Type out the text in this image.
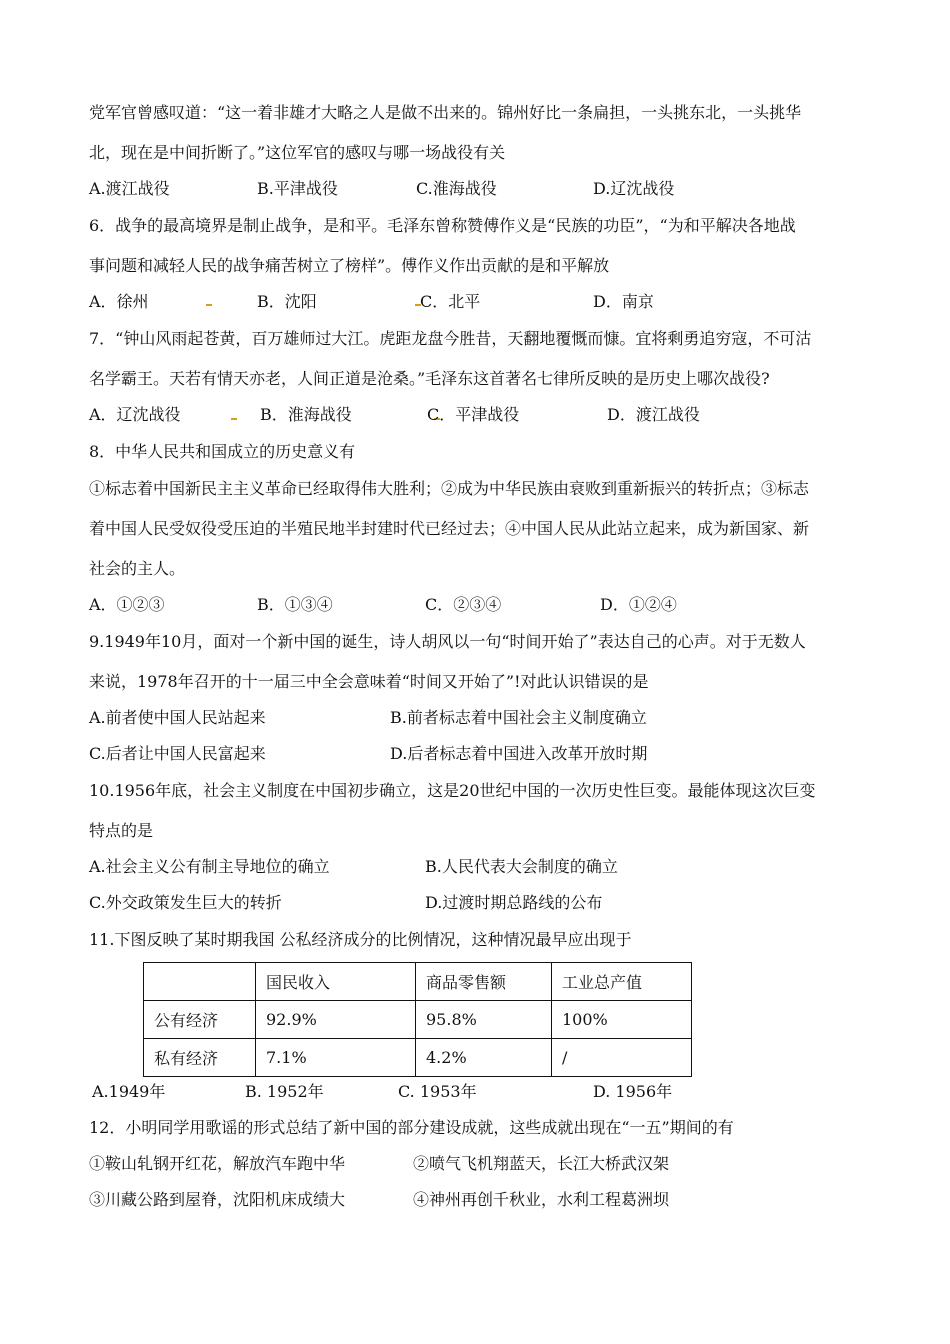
党军官曾感叹道：“这一着非雄才大略之人是做不出来的。锦州好比一条扁担，一头挑东北，一头挑华
北，现在是中间折断了。”这位军官的感叹与哪一场战役有关
A.渡江战役	B.平津战役	C.淮海战役	D.辽沈战役
6．战争的最高境界是制止战争，是和平。毛泽东曾称赞傅作义是“民族的功臣”，“为和平解决各地战
事问题和减轻人民的战争痛苦树立了榜样”。傅作义作出贡献的是和平解放
A．徐州	B．沈阳	C．北平	D．南京
7．“钟山风雨起苍黄，百万雄师过大江。虎距龙盘今胜昔，天翻地覆慨而慷。宜将剩勇追穷寇，不可沽
名学霸王。天若有情天亦老，人间正道是沧桑。”毛泽东这首著名七律所反映的是历史上哪次战役?
A．辽沈战役	B．淮海战役	C．平津战役	D．渡江战役
8．中华人民共和国成立的历史意义有
①标志着中国新民主主义革命已经取得伟大胜利；②成为中华民族由衰败到重新振兴的转折点；③标志
着中国人民受奴役受压迫的半殖民地半封建时代已经过去；④中国人民从此站立起来，成为新国家、新
社会的主人。
A．①②③	B．①③④	C．②③④	D．①②④
9.1949年10月，面对一个新中国的诞生，诗人胡风以一句“时间开始了”表达自己的心声。对于无数人
来说，1978年召开的十一届三中全会意味着“时间又开始了”!对此认识错误的是
A.前者使中国人民站起来	B.前者标志着中国社会主义制度确立
C.后者让中国人民富起来	D.后者标志着中国进入改革开放时期
10.1956年底，社会主义制度在中国初步确立，这是20世纪中国的一次历史性巨变。最能体现这次巨变
特点的是
A.社会主义公有制主导地位的确立	B.人民代表大会制度的确立
C.外交政策发生巨大的转折	D.过渡时期总路线的公布
11.下图反映了某时期我国 公私经济成分的比例情况，这种情况最早应出现于
	国民收入	商品零售额	工业总产值
公有经济	92.9%	95.8%	100%
私有经济	7.1%	4.2%	/
A.1949年	B. 1952年	C. 1953年	D. 1956年
12．小明同学用歌谣的形式总结了新中国的部分建设成就，这些成就出现在“一五”期间的有
①鞍山轧钢开红花，解放汽车跑中华	②喷气飞机翔蓝天，长江大桥武汉架
③川藏公路到屋脊，沈阳机床成绩大	④神州再创千秋业，水利工程葛洲坝
